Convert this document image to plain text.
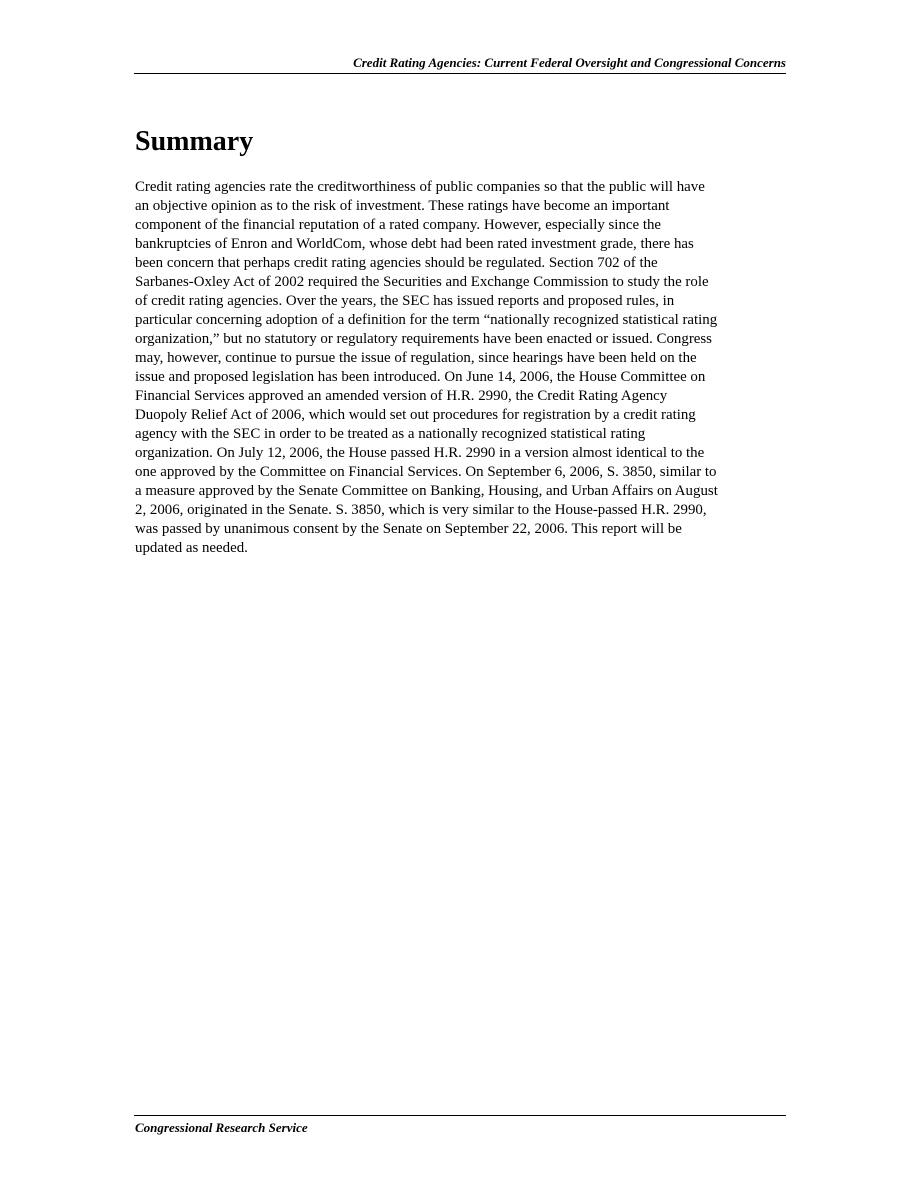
Credit Rating Agencies: Current Federal Oversight and Congressional Concerns
Summary
Credit rating agencies rate the creditworthiness of public companies so that the public will have
an objective opinion as to the risk of investment. These ratings have become an important
component of the financial reputation of a rated company. However, especially since the
bankruptcies of Enron and WorldCom, whose debt had been rated investment grade, there has
been concern that perhaps credit rating agencies should be regulated. Section 702 of the
Sarbanes-Oxley Act of 2002 required the Securities and Exchange Commission to study the role
of credit rating agencies. Over the years, the SEC has issued reports and proposed rules, in
particular concerning adoption of a definition for the term “nationally recognized statistical rating
organization,” but no statutory or regulatory requirements have been enacted or issued. Congress
may, however, continue to pursue the issue of regulation, since hearings have been held on the
issue and proposed legislation has been introduced. On June 14, 2006, the House Committee on
Financial Services approved an amended version of H.R. 2990, the Credit Rating Agency
Duopoly Relief Act of 2006, which would set out procedures for registration by a credit rating
agency with the SEC in order to be treated as a nationally recognized statistical rating
organization. On July 12, 2006, the House passed H.R. 2990 in a version almost identical to the
one approved by the Committee on Financial Services. On September 6, 2006, S. 3850, similar to
a measure approved by the Senate Committee on Banking, Housing, and Urban Affairs on August
2, 2006, originated in the Senate. S. 3850, which is very similar to the House-passed H.R. 2990,
was passed by unanimous consent by the Senate on September 22, 2006. This report will be
updated as needed.
Congressional Research Service
